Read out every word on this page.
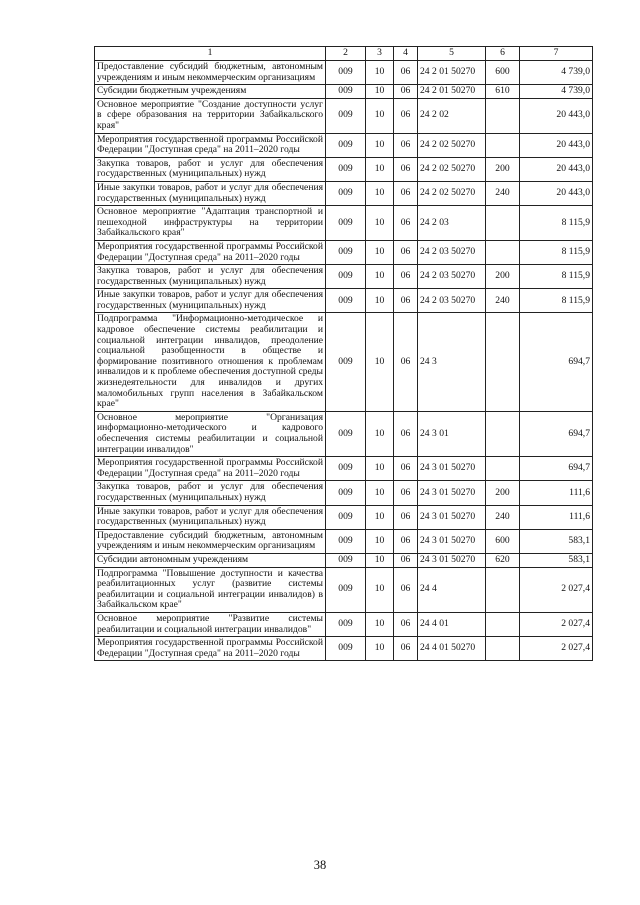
1	2	3	4	5	6	7
Предоставление субсидий бюджетным, автономным учреждениям и иным некоммерческим организациям	009	10	06	24 2 01 50270	600	4 739,0
Субсидии бюджетным учреждениям	009	10	06	24 2 01 50270	610	4 739,0
Основное мероприятие "Создание доступности услуг в сфере образования на территории Забайкальского края"	009	10	06	24 2 02		20 443,0
Мероприятия государственной программы Российской Федерации "Доступная среда" на 2011–2020 годы	009	10	06	24 2 02 50270		20 443,0
Закупка товаров, работ и услуг для обеспечения государственных (муниципальных) нужд	009	10	06	24 2 02 50270	200	20 443,0
Иные закупки товаров, работ и услуг для обеспечения государственных (муниципальных) нужд	009	10	06	24 2 02 50270	240	20 443,0
Основное мероприятие "Адаптация транспортной и пешеходной инфраструктуры на территории Забайкальского края"	009	10	06	24 2 03		8 115,9
Мероприятия государственной программы Российской Федерации "Доступная среда" на 2011–2020 годы	009	10	06	24 2 03 50270		8 115,9
Закупка товаров, работ и услуг для обеспечения государственных (муниципальных) нужд	009	10	06	24 2 03 50270	200	8 115,9
Иные закупки товаров, работ и услуг для обеспечения государственных (муниципальных) нужд	009	10	06	24 2 03 50270	240	8 115,9
Подпрограмма "Информационно-методическое и кадровое обеспечение системы реабилитации и социальной интеграции инвалидов, преодоление социальной разобщенности в обществе и формирование позитивного отношения к проблемам инвалидов и к проблеме обеспечения доступной среды жизнедеятельности для инвалидов и других маломобильных групп населения в Забайкальском крае"	009	10	06	24 3		694,7
Основное мероприятие "Организация информационно-методического и кадрового обеспечения системы реабилитации и социальной интеграции инвалидов"	009	10	06	24 3 01		694,7
Мероприятия государственной программы Российской Федерации "Доступная среда" на 2011–2020 годы	009	10	06	24 3 01 50270		694,7
Закупка товаров, работ и услуг для обеспечения государственных (муниципальных) нужд	009	10	06	24 3 01 50270	200	111,6
Иные закупки товаров, работ и услуг для обеспечения государственных (муниципальных) нужд	009	10	06	24 3 01 50270	240	111,6
Предоставление субсидий бюджетным, автономным учреждениям и иным некоммерческим организациям	009	10	06	24 3 01 50270	600	583,1
Субсидии автономным учреждениям	009	10	06	24 3 01 50270	620	583,1
Подпрограмма "Повышение доступности и качества реабилитационных услуг (развитие системы реабилитации и социальной интеграции инвалидов) в Забайкальском крае"	009	10	06	24 4		2 027,4
Основное мероприятие "Развитие системы реабилитации и социальной интеграции инвалидов"	009	10	06	24 4 01		2 027,4
Мероприятия государственной программы Российской Федерации "Доступная среда" на 2011–2020 годы	009	10	06	24 4 01 50270		2 027,4
38
